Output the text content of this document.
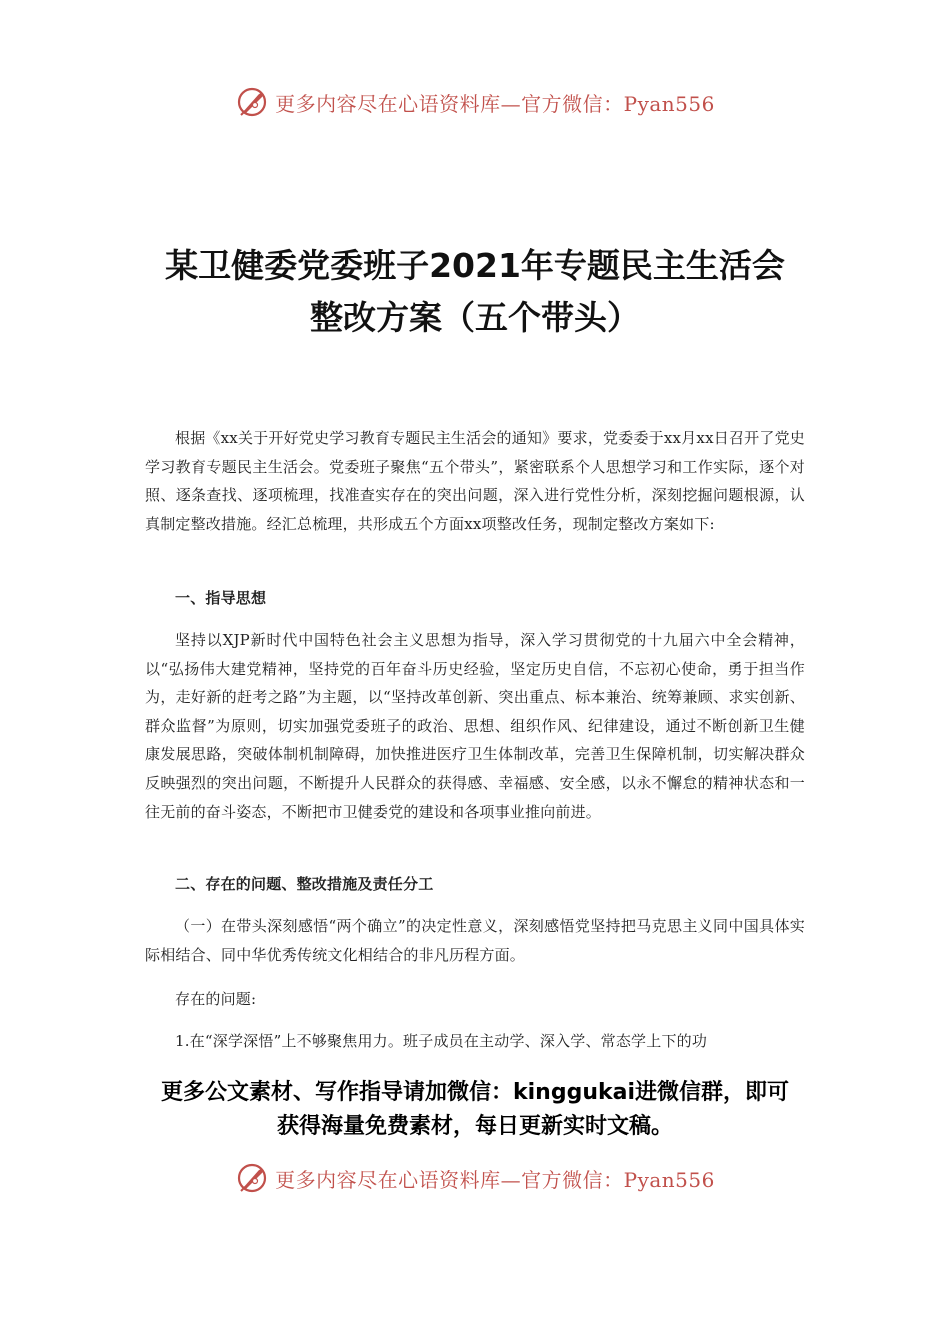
更多内容尽在心语资料库—官方微信：Pyan556
某卫健委党委班子2021年专题民主生活会
整改方案（五个带头）

根据《xx关于开好党史学习教育专题民主生活会的通知》要求，党委委于xx月xx日召开了党史学习教育专题民主生活会。党委班子聚焦“五个带头”，紧密联系个人思想学习和工作实际，逐个对照、逐条查找、逐项梳理，找准查实存在的突出问题，深入进行党性分析，深刻挖掘问题根源，认真制定整改措施。经汇总梳理，共形成五个方面xx项整改任务，现制定整改方案如下:

一、指导思想

坚持以XJP新时代中国特色社会主义思想为指导，深入学习贯彻党的十九届六中全会精神，以“弘扬伟大建党精神，坚持党的百年奋斗历史经验，坚定历史自信，不忘初心使命，勇于担当作为，走好新的赶考之路”为主题，以“坚持改革创新、突出重点、标本兼治、统筹兼顾、求实创新、群众监督”为原则，切实加强党委班子的政治、思想、组织作风、纪律建设，通过不断创新卫生健康发展思路，突破体制机制障碍，加快推进医疗卫生体制改革，完善卫生保障机制，切实解决群众反映强烈的突出问题，不断提升人民群众的获得感、幸福感、安全感，以永不懈怠的精神状态和一往无前的奋斗姿态，不断把市卫健委党的建设和各项事业推向前进。

二、存在的问题、整改措施及责任分工

（一）在带头深刻感悟“两个确立”的决定性意义，深刻感悟党坚持把马克思主义同中国具体实际相结合、同中华优秀传统文化相结合的非凡历程方面。

存在的问题:

1.在“深学深悟”上不够聚焦用力。班子成员在主动学、深入学、常态学上下的功

更多公文素材、写作指导请加微信：kinggukai进微信群，即可
获得海量免费素材，每日更新实时文稿。
更多内容尽在心语资料库—官方微信：Pyan556
